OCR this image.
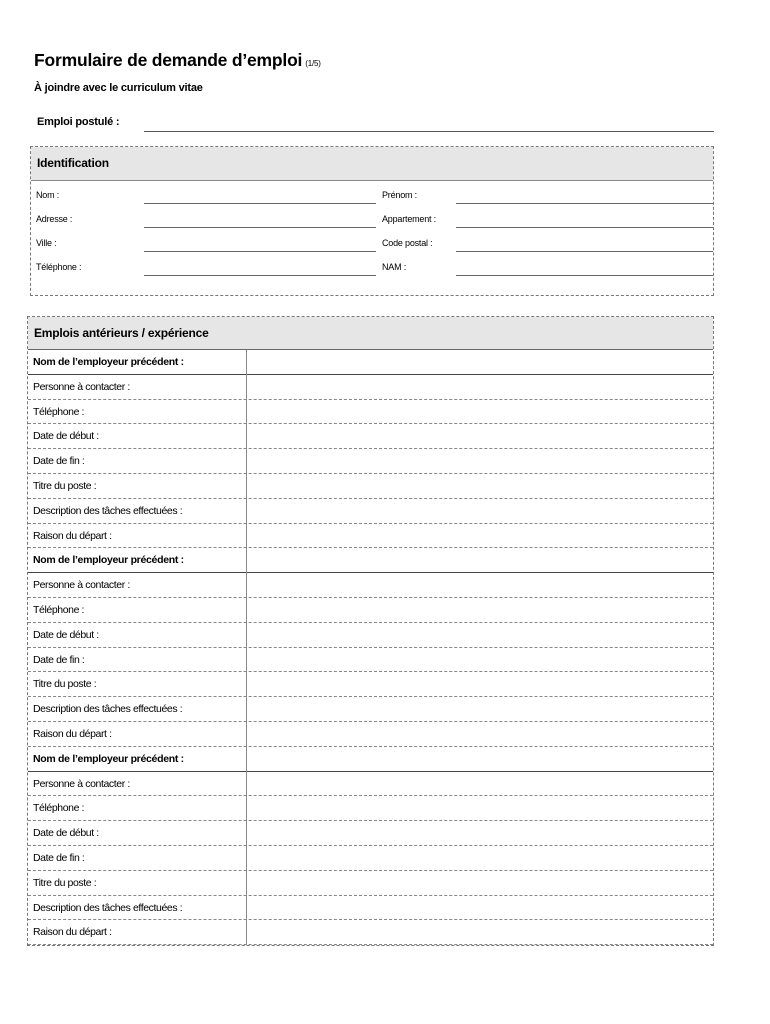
Formulaire de demande d’emploi (1/5)
À joindre avec le curriculum vitae
Emploi postulé :
Identification
Nom :	Prénom :
Adresse :	Appartement :
Ville :	Code postal :
Téléphone :	NAM :
Emplois antérieurs / expérience
Nom de l’employeur précédent :
Personne à contacter :
Téléphone :
Date de début :
Date de fin :
Titre du poste :
Description des tâches effectuées :
Raison du départ :
Nom de l’employeur précédent :
Personne à contacter :
Téléphone :
Date de début :
Date de fin :
Titre du poste :
Description des tâches effectuées :
Raison du départ :
Nom de l’employeur précédent :
Personne à contacter :
Téléphone :
Date de début :
Date de fin :
Titre du poste :
Description des tâches effectuées :
Raison du départ :
